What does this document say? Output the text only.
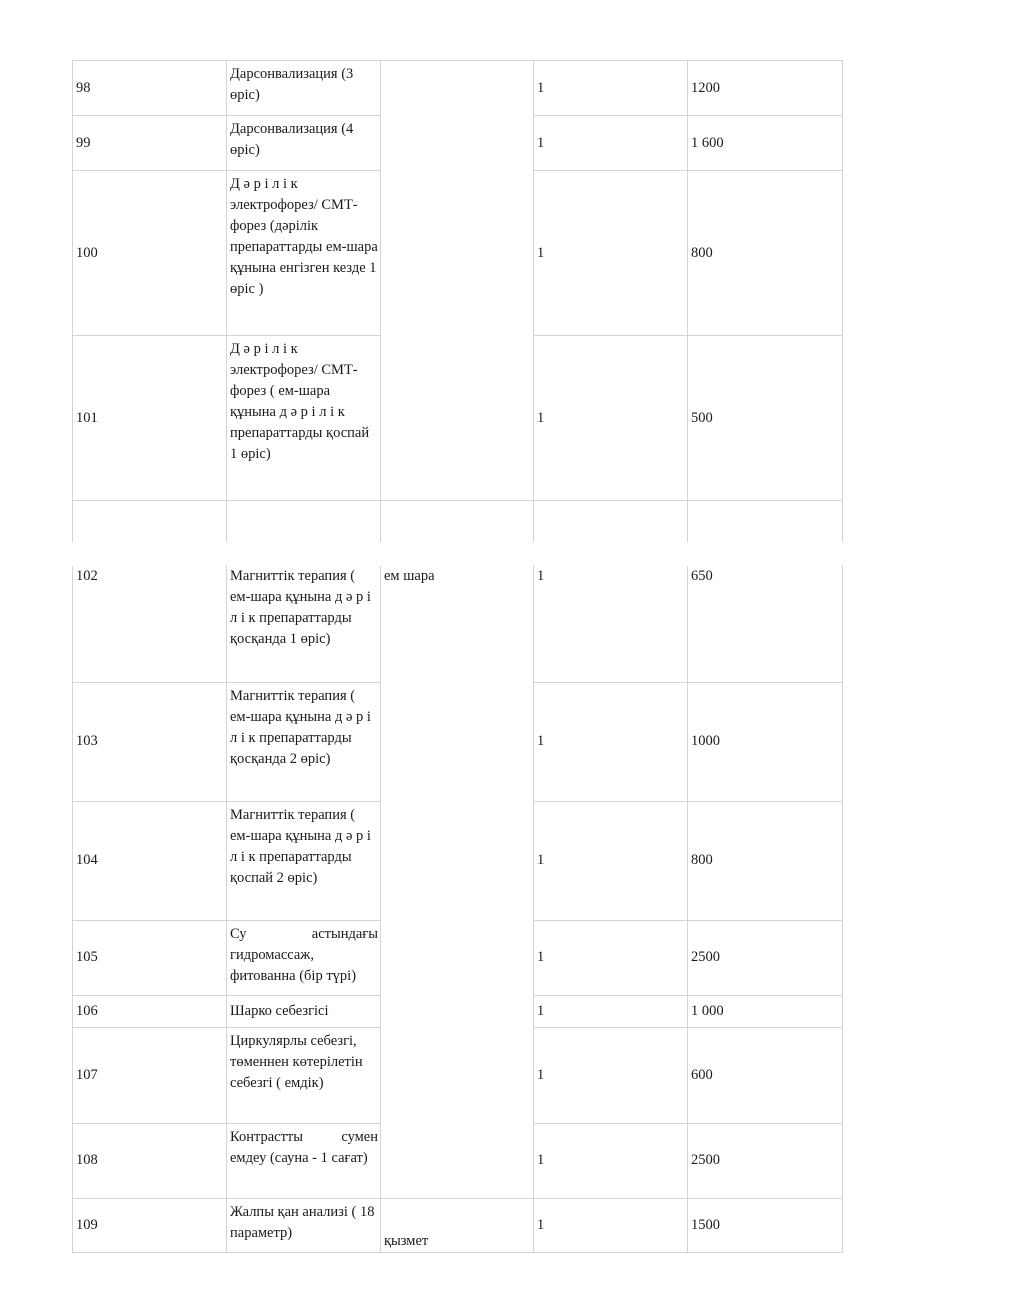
98	Дарсонвализация (3 өріс)		1	1200
99	Дарсонвализация (4 өріс)		1	1 600
100	Д ә р і л і к электрофорез/ СМТ-форез (дәрілік препараттарды ем-шара құнына енгізген кезде 1 өріс )		1	800
101	Д ә р і л і к электрофорез/ СМТ-форез ( ем-шара құнына д ә р і л і к препараттарды қоспай 1 өріс)		1	500

102	Магниттік терапия ( ем-шара құнына д ә р і л і к препараттарды қосқанда 1 өріс)	ем шара	1	650
103	Магниттік терапия ( ем-шара құнына д ә р і л і к препараттарды қосқанда 2 өріс)		1	1000
104	Магниттік терапия ( ем-шара құнына д ә р і л і к препараттарды қоспай 2 өріс)		1	800
105	Су астындағы гидромассаж, фитованна (бір түрі)		1	2500
106	Шарко себезгісі		1	1 000
107	Циркулярлы себезгі, төменнен көтерілетін себезгі ( емдік)		1	600
108	Контрастты сумен емдеу (сауна - 1 сағат)		1	2500
109	Жалпы қан анализі ( 18 параметр)	қызмет	1	1500
